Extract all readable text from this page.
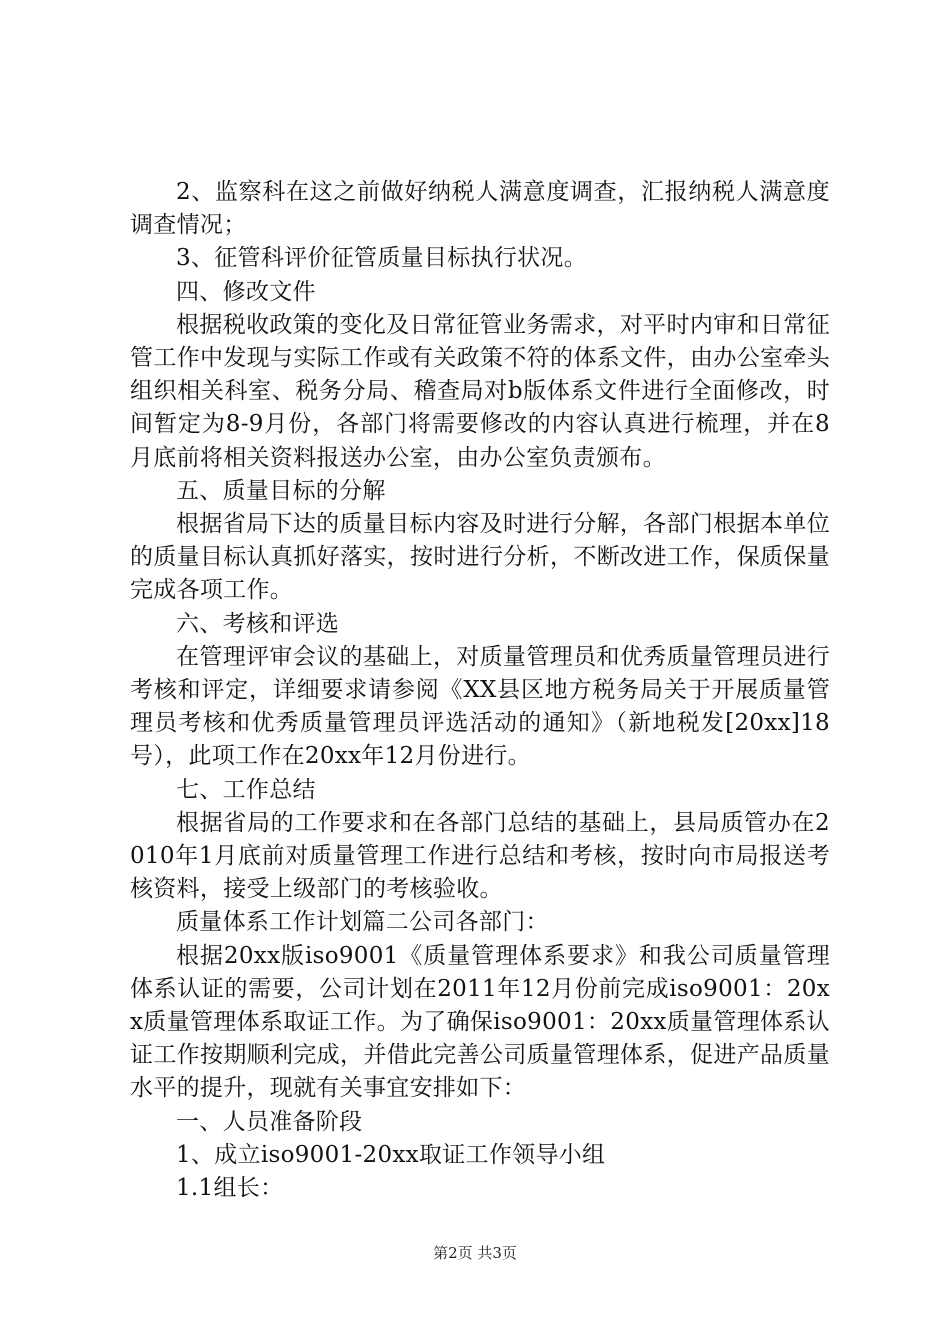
2、监察科在这之前做好纳税人满意度调查，汇报纳税人满意度调查情况；

3、征管科评价征管质量目标执行状况。

四、修改文件

根据税收政策的变化及日常征管业务需求，对平时内审和日常征管工作中发现与实际工作或有关政策不符的体系文件，由办公室牵头组织相关科室、税务分局、稽查局对b版体系文件进行全面修改，时间暂定为8-9月份，各部门将需要修改的内容认真进行梳理，并在8月底前将相关资料报送办公室，由办公室负责颁布。

五、质量目标的分解

根据省局下达的质量目标内容及时进行分解，各部门根据本单位的质量目标认真抓好落实，按时进行分析，不断改进工作，保质保量完成各项工作。

六、考核和评选

在管理评审会议的基础上，对质量管理员和优秀质量管理员进行考核和评定，详细要求请参阅《XX县区地方税务局关于开展质量管理员考核和优秀质量管理员评选活动的通知》（新地税发[20xx]18号），此项工作在20xx年12月份进行。

七、工作总结

根据省局的工作要求和在各部门总结的基础上，县局质管办在2010年1月底前对质量管理工作进行总结和考核，按时向市局报送考核资料，接受上级部门的考核验收。

质量体系工作计划篇二公司各部门：

根据20xx版iso9001《质量管理体系要求》和我公司质量管理体系认证的需要，公司计划在2011年12月份前完成iso9001：20xx质量管理体系取证工作。为了确保iso9001：20xx质量管理体系认证工作按期顺利完成，并借此完善公司质量管理体系，促进产品质量水平的提升，现就有关事宜安排如下：

一、人员准备阶段

1、成立iso9001-20xx取证工作领导小组

1.1组长：

第2页 共3页
